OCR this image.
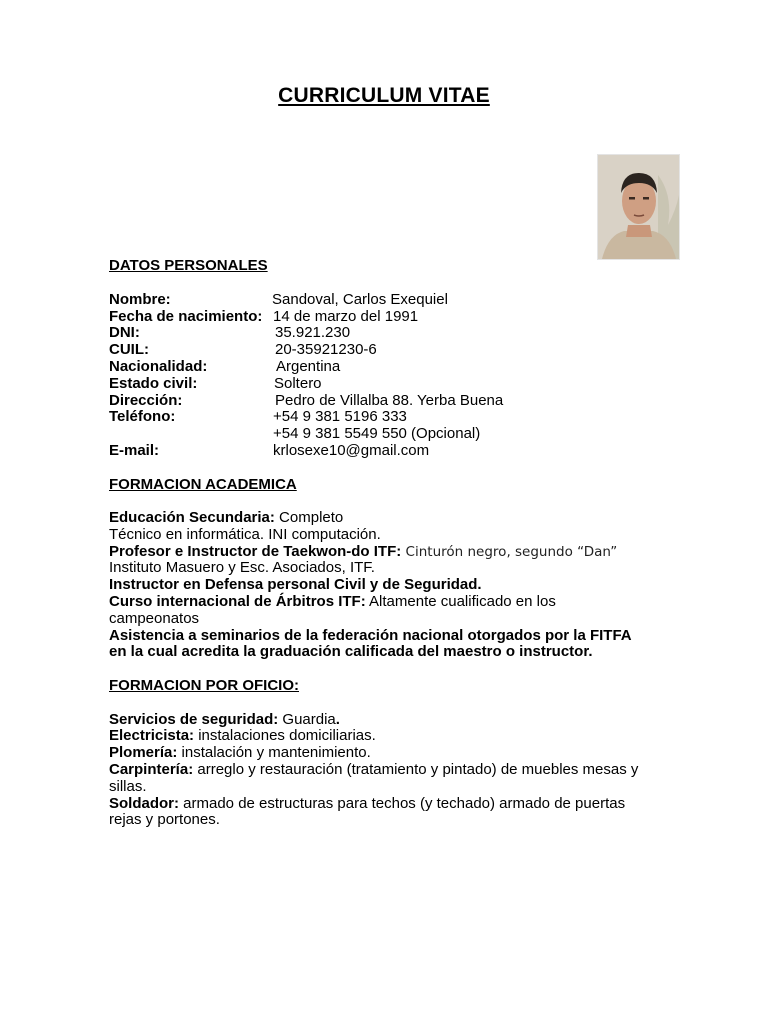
CURRICULUM VITAE
DATOS PERSONALES
Nombre:	Sandoval, Carlos Exequiel
Fecha de nacimiento: 14 de marzo del 1991
DNI:	35.921.230
CUIL:	20-35921230-6
Nacionalidad:	Argentina
Estado civil:	Soltero
Dirección:	Pedro de Villalba 88. Yerba Buena
Teléfono:	+54 9 381 5196 333
+54 9 381 5549 550 (Opcional)
E-mail:	krlosexe10@gmail.com
FORMACION ACADEMICA
Educación Secundaria: Completo
Técnico en informática. INI computación.
Profesor e Instructor de Taekwon-do ITF: Cinturón negro, segundo “Dan”
Instituto Masuero y Esc. Asociados, ITF.
Instructor en Defensa personal Civil y de Seguridad.
Curso internacional de Árbitros ITF: Altamente cualificado en los
campeonatos
Asistencia a seminarios de la federación nacional otorgados por la FITFA
en la cual acredita la graduación calificada del maestro o instructor.
FORMACION POR OFICIO:
Servicios de seguridad: Guardia.
Electricista: instalaciones domiciliarias.
Plomería: instalación y mantenimiento.
Carpintería: arreglo y restauración (tratamiento y pintado) de muebles mesas y
sillas.
Soldador: armado de estructuras para techos (y techado) armado de puertas
rejas y portones.
